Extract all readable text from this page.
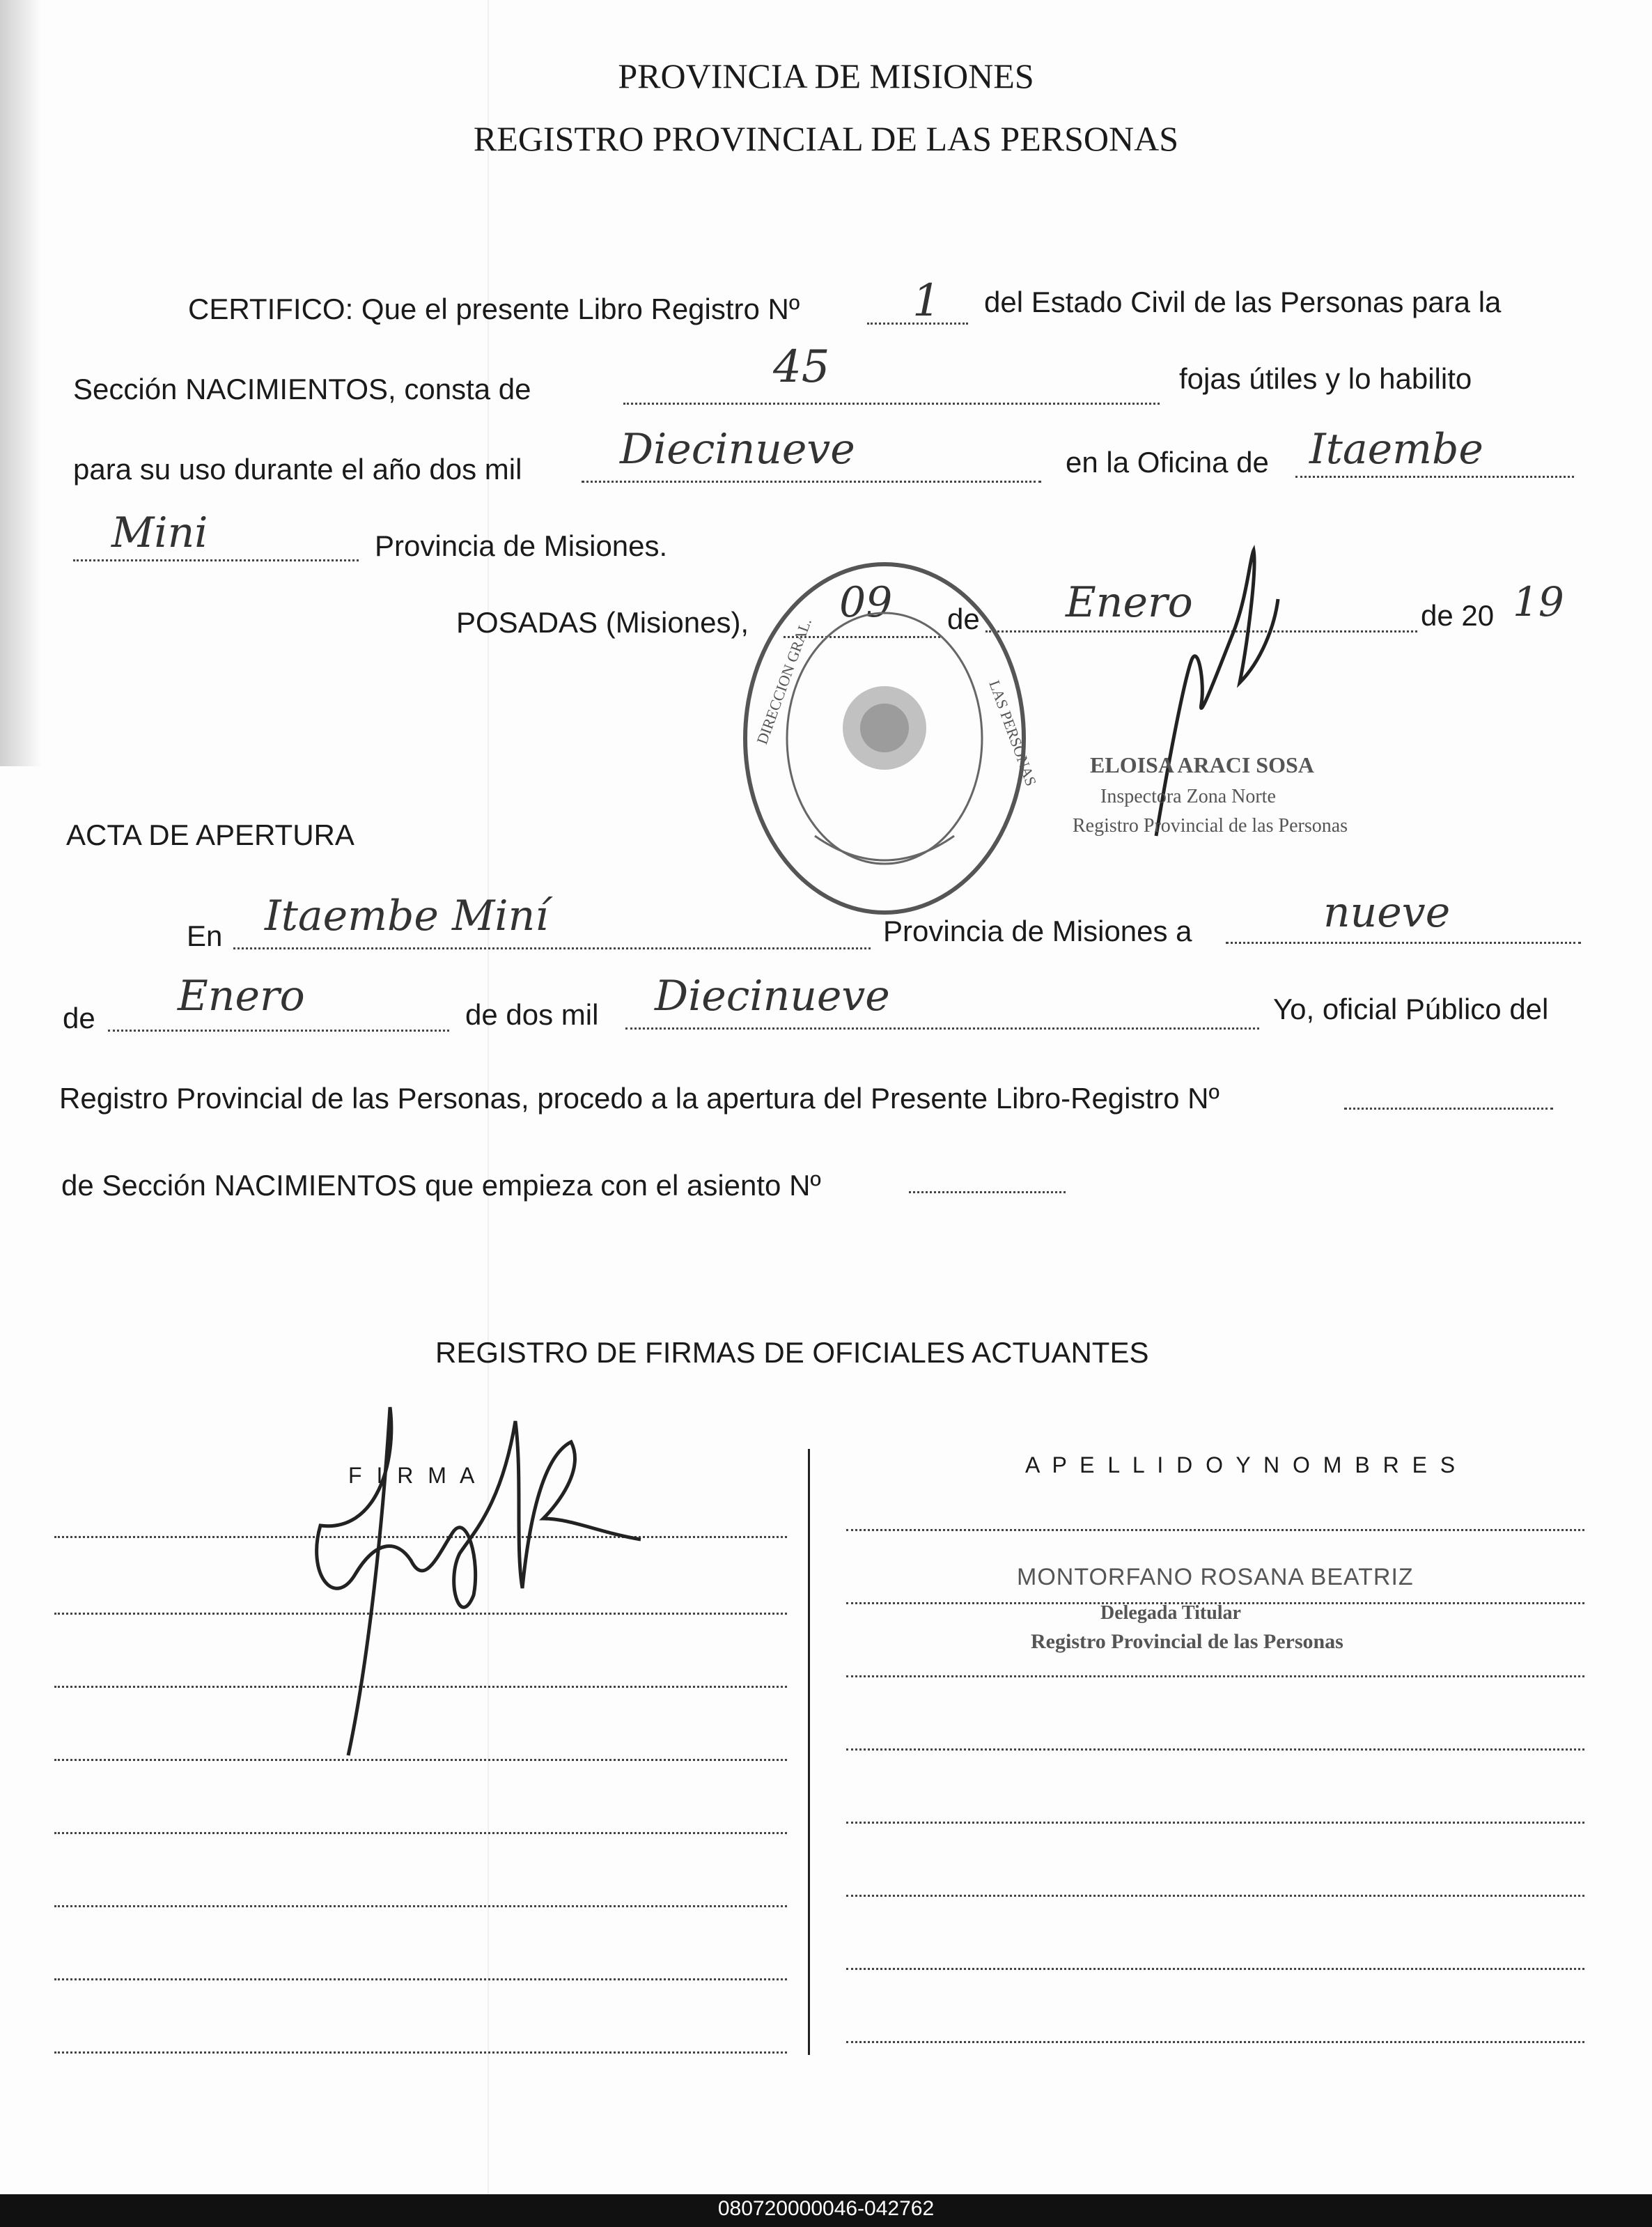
PROVINCIA DE MISIONES
REGISTRO PROVINCIAL DE LAS PERSONAS
CERTIFICO: Que el presente Libro Registro Nº	1 del Estado Civil de las Personas para la
Sección NACIMIENTOS, consta de	45	fojas útiles y lo habilito
para su uso durante el año dos mil Diecinueve	en la Oficina de Itaembe
Mini	Provincia de Misiones.
POSADAS (Misiones), 09 de Enero	de 20 19
DIRECCION GRAL.	LAS PERSONAS ELOISA ARACI SOSA
Inspectora Zona Norte
Registro Provincial de las Personas
ACTA DE APERTURA
En Itaembe Miní	Provincia de Misiones a	nueve
de Enero	de dos mil Diecinueve	Yo, oficial Público del
Registro Provincial de las Personas, procedo a la apertura del Presente Libro-Registro Nº
de Sección NACIMIENTOS que empieza con el asiento Nº
REGISTRO DE FIRMAS DE OFICIALES ACTUANTES
F I R M A	A P E L L I D O Y N O M B R E S
MONTORFANO ROSANA BEATRIZ
Delegada Titular
Registro Provincial de las Personas
080720000046-042762
